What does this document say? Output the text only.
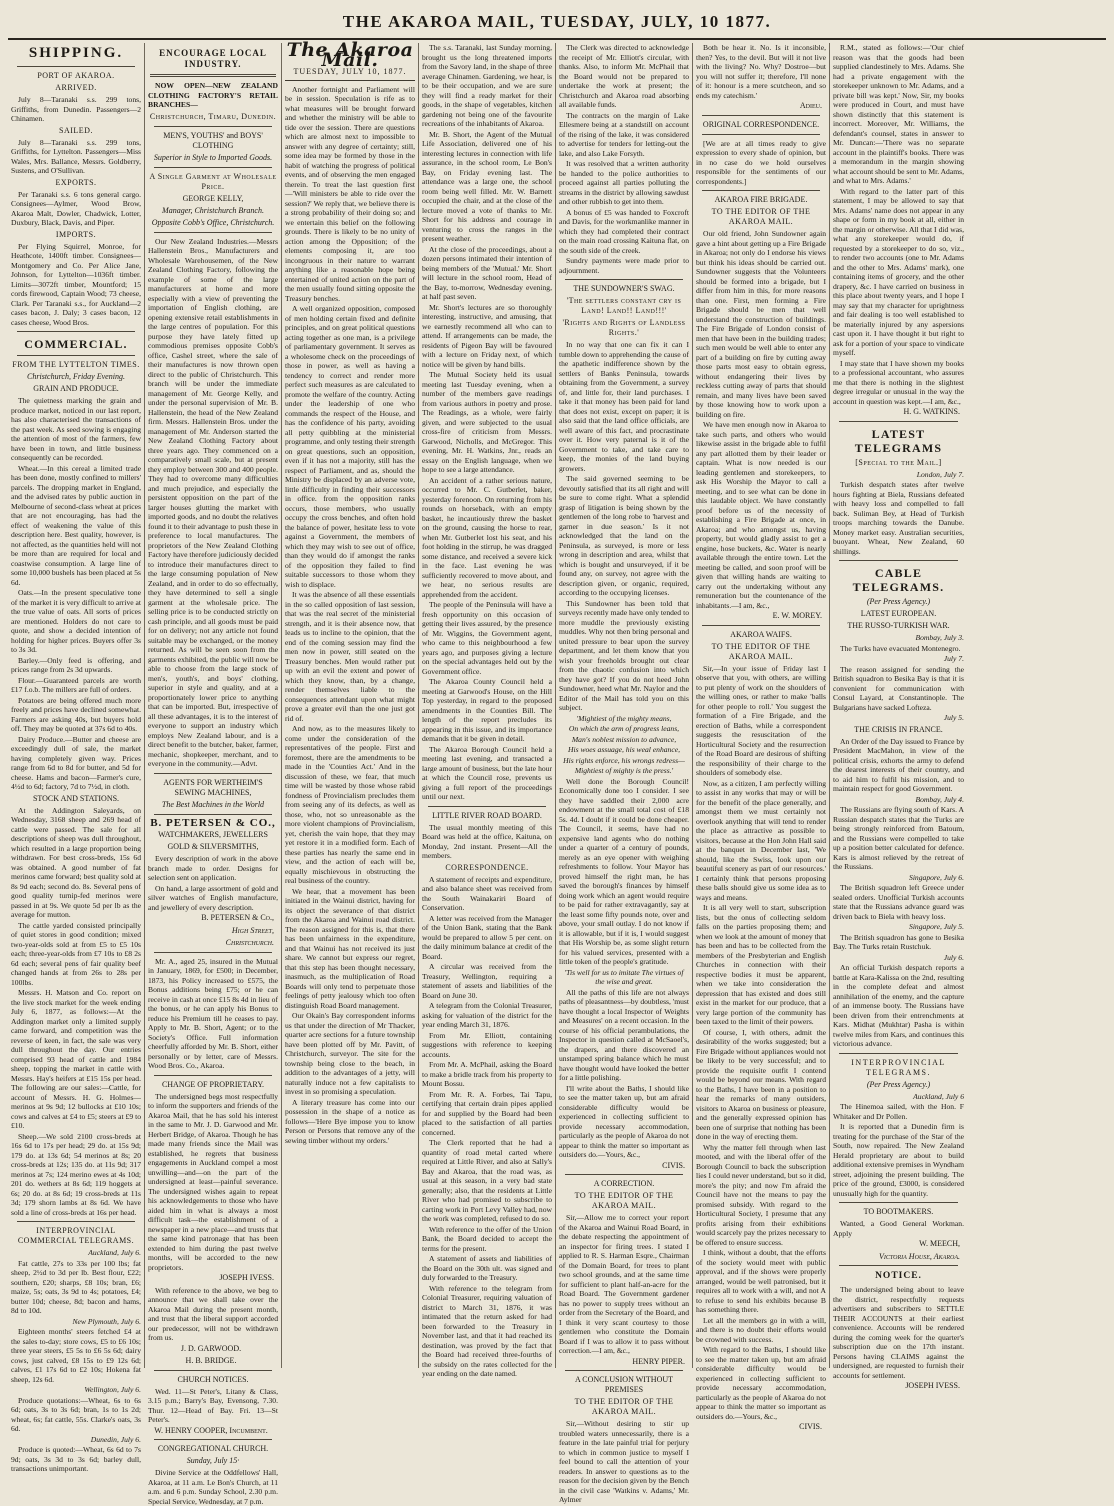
THE AKAROA MAIL, TUESDAY, JULY, 10 1877.
SHIPPING.
PORT OF AKAROA.
ARRIVED.

July 8—Taranaki s.s. 299 tons, Griffiths, from Dunedin. Passengers—2 Chinamen.

SAILED.

July 8—Taranaki s.s. 299 tons, Griffiths, for Lyttelton. Passengers—Miss Wales, Mrs. Ballance, Messrs. Goldberry, Sustens, and O'Sullivan.

EXPORTS.

Per Taranaki s.s. 6 tons general cargo. Consignees—Aylmer, Wood Brow, Akaroa Malt, Dowler, Chadwick, Lotter, Duxbury, Black, Davis, and Piper.

IMPORTS.

Per Flying Squirrel, Monroe, for Heathcote, 1400ft timber. Consignees—Montgomery and Co. Per Alice Jane, Johnson, for Lyttelton—1036ft timber. Limits—3072ft timber, Mountford; 15 cords firewood, Captain Wood; 73 cheese, Clark. Per Taranaki s.s., for Auckland—2 cases bacon, J. Daly; 3 cases bacon, 12 cases cheese, Wood Bros.

COMMERCIAL.
FROM THE LYTTELTON TIMES.
Christchurch, Friday Evening.
GRAIN AND PRODUCE.

The quietness marking the grain and produce market, noticed in our last report, has also characterised the transactions of the past week. As seed sowing is engaging the attention of most of the farmers, few have been in town, and little business consequently can be recorded.

Wheat.—In this cereal a limited trade has been done, mostly confined to millers' parcels. The dropping market in England, and the advised rates by public auction in Melbourne of second-class wheat at prices that are not encouraging, has had the effect of weakening the value of this description here. Best quality, however, is not affected, as the quantities held will not be more than are required for local and coastwise consumption. A large line of some 10,000 bushels has been placed at 5s 6d.

Oats.—In the present speculative tone of the market it is very difficult to arrive at the true value of oats. All sorts of prices are mentioned. Holders do not care to quote, and show a decided intention of holding for higher prices. Buyers offer 3s to 3s 3d.

Barley.—Only feed is offering, and prices range from 2s 3d upwards.

Flour.—Guaranteed parcels are worth £17 f.o.b. The millers are full of orders.

Potatoes are being offered much more freely and prices have declined somewhat. Farmers are asking 40s, but buyers hold off. They may be quoted at 37s 6d to 40s.

Dairy Produce.—Butter and cheese are exceedingly dull of sale, the market having completely given way. Prices range from 6d to 8d for butter, and 5d for cheese. Hams and bacon—Farmer's cure, 4½d to 6d; factory, 7d to 7½d, in cloth.

STOCK AND STATIONS.

At the Addington Saleyards, on Wednesday, 3168 sheep and 269 head of cattle were passed. The sale for all descriptions of sheep was dull throughout, which resulted in a large proportion being withdrawn. For best cross-breds, 15s 6d was obtained. A good number of fat merinos came forward; best quality sold at 8s 9d each; second do. 8s. Several pens of good quality turnip-fed merinos were passed in at 9s. We quote 5d per lb as the average for mutton.

The cattle yarded consisted principally of quiet stores in good condition; mixed two-year-olds sold at from £5 to £5 10s each; three-year-olds from £7 10s to £8 2s 6d each; several pens of fair quality beef changed hands at from 26s to 28s per 100lbs.

Messrs. H. Matson and Co. report on the live stock market for the week ending July 6, 1877, as follows:—At the Addington market only a limited supply came forward, and competition was the reverse of keen, in fact, the sale was very dull throughout the day. Our entries comprised 93 head of cattle and 1984 sheep, topping the market in cattle with Messrs. Hay's heifers at £15 15s per head. The following are our sales:—Cattle, for account of Messrs. H. G. Holmes—merinos at 9s 9d; 12 bullocks at £10 10s; cows and calves at £4 to £5; steers at £9 to £10.

Sheep.—We sold 2100 cross-breds at 16s 6d to 17s per head; 29 do. at 15s 9d; 179 do. at 13s 6d; 54 merinos at 8s; 20 cross-breds at 12s; 135 do. at 11s 9d; 317 merinos at 7s; 124 merino ewes at 4s 10d; 201 do. wethers at 8s 6d; 119 hoggets at 6s; 20 do. at 8s 6d; 19 cross-breds at 11s 3d; 179 shorn lambs at 8s 6d. We have sold a line of cross-breds at 16s per head.

INTERPROVINCIAL COMMERCIAL TELEGRAMS.

Auckland, July 6.

Fat cattle, 27s to 33s per 100 lbs; fat sheep, 2½d to 3d per lb. Best flour, £22; southern, £20; sharps, £8 10s; bran, £6; maize, 5s; oats, 3s 9d to 4s; potatoes, £4; butter 10d; cheese, 8d; bacon and hams, 8d to 10d.

New Plymouth, July 6.

Eighteen months' steers fetched £4 at the sales to-day; store cows, £5 to £6 10s; three year steers, £5 5s to £6 5s 6d; dairy cows, just calved, £8 15s to £9 12s 6d; calves, £1 17s 6d to £2 10s; Hokena fat sheep, 12s 6d.

Wellington, July 6.

Produce quotations:—Wheat, 6s to 6s 6d; oats, 3s to 3s 6d; bran, 1s to 1s 2d; wheat, 6s; fat cattle, 55s. Clarke's oats, 3s 6d.

Dunedin, July 6.

Produce is quoted:—Wheat, 6s 6d to 7s 9d; oats, 3s 3d to 3s 6d; barley dull, transactions unimportant.

ENCOURAGE LOCAL INDUSTRY.

NOW OPEN—NEW ZEALAND CLOTHING FACTORY'S RETAIL BRANCHES—

Christchurch, Timaru, Dunedin.
MEN'S, YOUTHS' and BOYS' CLOTHING
Superior in Style to Imported Goods.
A Single Garment at Wholesale Price.
GEORGE KELLY,
Manager, Christchurch Branch.
Opposite Cobb's Office, Christchurch.

Our New Zealand Industries.—Messrs Hallenstein Bros., Manufacturers and Wholesale Warehousemen, of the New Zealand Clothing Factory, following the example of some of the large manufacturers at home and more especially with a view of preventing the importation of English clothing, are opening extensive retail establishments in the large centres of population. For this purpose they have lately fitted up commodious premises opposite Cobb's office, Cashel street, where the sale of their manufactures is now thrown open direct to the public of Christchurch. This branch will be under the immediate management of Mr. George Kelly, and under the personal supervision of Mr. B. Hallenstein, the head of the New Zealand firm. Messrs. Hallenstein Bros. under the management of Mr. Anderson started the New Zealand Clothing Factory about three years ago. They commenced on a comparatively small scale, but at present they employ between 300 and 400 people. They had to overcome many difficulties and much prejudice, and especially the persistent opposition on the part of the larger houses glutting the market with imported goods, and no doubt the relatives found it to their advantage to push these in preference to local manufactures. The proprietors of the New Zealand Clothing Factory have therefore judiciously decided to introduce their manufactures direct to the large consuming population of New Zealand, and in order to do so effectually, they have determined to sell a single garment at the wholesale price. The selling price is to be conducted strictly on cash principle, and all goods must be paid for on delivery; not any article not found suitable may be exchanged, or the money returned. As will be seen soon from the garments exhibited, the public will now be able to choose from the large stock of men's, youth's, and boys' clothing, superior in style and quality, and at a proportionately lower price to anything that can be imported. But, irrespective of all these advantages, it is to the interest of everyone to support an industry which employs New Zealand labour, and is a direct benefit to the butcher, baker, farmer, mechanic, shopkeeper, merchant, and to everyone in the community.—Advt.

AGENTS FOR WERTHEIM'S SEWING MACHINES,
The Best Machines in the World
B. PETERSEN & CO.,
WATCHMAKERS, JEWELLERS
GOLD & SILVERSMITHS,

Every description of work in the above branch made to order. Designs for selection sent on application.

On hand, a large assortment of gold and silver watches of English manufacture, and jewellery of every description.

B. PETERSEN & Co.,
High Street,
Christchurch.

Mr. A., aged 25, insured in the Mutual in January, 1869, for £500; in December, 1873, his Policy increased to £575, the Bonus additions being £75; or he can receive in cash at once £15 8s 4d in lieu of the bonus, or he can apply his Bonus to reduce his Premium till he ceases to pay. Apply to Mr. B. Short, Agent; or to the Society's Office. Full information cheerfully afforded by Mr. B. Short, either personally or by letter, care of Messrs. Wood Bros. Co., Akaroa.

CHANGE OF PROPRIETARY.

The undersigned begs most respectfully to inform the supporters and friends of the Akaroa Mail, that he has sold his interest in the same to Mr. J. D. Garwood and Mr. Herbert Bridge, of Akaroa. Though he has made many friends since the Mail was established, he regrets that business engagements in Auckland compel a most unwilling—and—on the part of the undersigned at least—painful severance. The undersigned wishes again to repeat his acknowledgements to those who have aided him in what is always a most difficult task—the establishment of a newspaper in a new place—and trusts that the same kind patronage that has been extended to him during the past twelve months, will be accorded to the new proprietors.

JOSEPH IVESS.

With reference to the above, we beg to announce that we shall take over the Akaroa Mail during the present month, and trust that the liberal support accorded our predecessor, will not be withdrawn from us.

J. D. GARWOOD.
H. B. BRIDGE.
CHURCH NOTICES.

Wed. 11—St Peter's, Litany & Class, 3.15 p.m.; Barry's Bay, Evensong, 7.30. Thur. 12—Head of Bay. Fri. 13—St Peter's.

W. HENRY COOPER, Incumbent.
CONGREGATIONAL CHURCH.
Sunday, July 15·

Divine Service at the Oddfellows' Hall, Akaroa, at 11 a.m. Le Bon's Church, at 11 a.m. and 6 p.m. Sunday School, 2.30 p.m. Special Service, Wednesday, at 7 p.m.

The Akaroa Mail.
TUESDAY, JULY 10, 1877.

Another fortnight and Parliament will be in session. Speculation is rife as to what measures will be brought forward and whether the ministry will be able to tide over the session. There are questions which are almost next to impossible to answer with any degree of certainty; still, some idea may be formed by those in the habit of watching the progress of political events, and of observing the men engaged therein. To treat the last question first—'Will ministers be able to ride over the session?' We reply that, we believe there is a strong probability of their doing so; and we entertain this belief on the following grounds. There is likely to be no unity of action among the Opposition; of the elements composing it, are too incongruous in their nature to warrant anything like a reasonable hope being entertained of united action on the part of the men usually found sitting opposite the Treasury benches.

A well organized opposition, composed of men holding certain fixed and definite principles, and on great political questions acting together as one man, is a privilege of parliamentary government. It serves as a wholesome check on the proceedings of those in power, as well as having a tendency to correct and render more perfect such measures as are calculated to promote the welfare of the country. Acting under the leadership of one who commands the respect of the House, and has the confidence of his party, avoiding all petty quibbling at the ministerial programme, and only testing their strength on great questions, such an opposition, even if it has not a majority, still has the respect of Parliament, and as, should the Ministry be displaced by an adverse vote, little difficulty in finding their successors in office. from the opposition ranks occurs, those members, who usually occupy the cross benches, and often hold the balance of power, hesitate less to vote against a Government, the members of which they may wish to see out of office, than they would do if amongst the ranks of the opposition they failed to find suitable successors to those whom they wish to displace.

It was the absence of all these essentials in the so called opposition of last session, that was the real secret of the ministerial strength, and it is their absence now, that leads us to incline to the opinion, that the end of the coming session may find the men now in power, still seated on the Treasury benches. Men would rather put up with an evil the extent and power of which they know, than, by a change, render themselves liable to the consequences attendant upon what might prove a greater evil than the one just got rid of.

And now, as to the measures likely to come under the consideration of the representatives of the people. First and foremost, there are the amendments to be made in the 'Counties Act.' And in the discussion of these, we fear, that much time will be wasted by those whose rabid fondness of Provincialism precludes them from seeing any of its defects, as well as those, who, not so unreasonable as the more violent champions of Provincialism, yet, cherish the vain hope, that they may yet restore it in a modified form. Each of these parties has nearly the same end in view, and the action of each will be, equally mischievous in obstructing the real business of the country.

We hear, that a movement has been initiated in the Wainui district, having for its object the severance of that district from the Akaroa and Wainui road district. The reason assigned for this is, that there has been unfairness in the expenditure, and that Wainui has not received its just share. We cannot but express our regret, that this step has been thought necessary, inasmuch, as the multiplication of Road Boards will only tend to perpetuate those feelings of petty jealousy which too often distinguish Road Board management.

Our Okain's Bay correspondent informs us that under the direction of Mr Thacker, quarter acre sections for a future township have been plotted off by Mr. Pavitt, of Christchurch, surveyor. The site for the township being close to the beach, in addition to the advantages of a jetty, will naturally induce not a few capitalists to invest in so promising a speculation.

A literary treasure has come into our possession in the shape of a notice as follows—'Here Bye impose you to know Person or Persons that remove any of the sewing timber without my orders.'

The s.s. Taranaki, last Sunday morning, brought us the long threatened imports from the Savory land, in the shape of three average Chinamen. Gardening, we hear, is to be their occupation, and we are sure they will find a ready market for their goods, in the shape of vegetables, kitchen gardening not being one of the favourite recreations of the inhabitants of Akaroa.

Mr. B. Short, the Agent of the Mutual Life Association, delivered one of his interesting lectures in connection with life assurance, in the school room, Le Bon's Bay, on Friday evening last. The attendance was a large one, the school room being well filled. Mr. W. Barnett occupied the chair, and at the close of the lecture moved a vote of thanks to Mr. Short for his address and courage in venturing to cross the ranges in the present weather.

At the close of the proceedings, about a dozen persons intimated their intention of being members of the 'Mutual.' Mr. Short will lecture in the school room, Head of the Bay, to-morrow, Wednesday evening, at half past seven.

Mr. Short's lectures are so thoroughly interesting, instructive, and amusing, that we earnestly recommend all who can to attend. If arrangements can be made, the residents of Pigeon Bay will be favoured with a lecture on Friday next, of which notice will be given by hand bills.

The Mutual Society held its usual meeting last Tuesday evening, when a number of the members gave readings from various authors in poetry and prose. The Readings, as a whole, were fairly given, and were subjected to the usual cross-fire of criticism from Messrs. Garwood, Nicholls, and McGregor. This evening, Mr. H. Watkins, Jnr., reads an essay on the English language, when we hope to see a large attendance.

An accident of a rather serious nature, occurred to Mr. C. Gutberlet, baker, yesterday forenoon. On returning from his rounds on horseback, with an empty basket, he incautiously threw the basket on the ground, causing the horse to rear, when Mr. Gutberlet lost his seat, and his foot holding in the stirrup, he was dragged some distance, and received a severe kick in the face. Last evening he was sufficiently recovered to move about, and we hear, no serious results are apprehended from the accident.

The people of the Peninsula will have a fresh opportunity on this occasion of getting their lives assured, by the presence of Mr. Wiggins, the Government agent, who came to this neighbourhood a few years ago, and purposes giving a lecture on the special advantages held out by the Government office.

The Akaroa County Council held a meeting at Garwood's House, on the Hill Top yesterday, in regard to the proposed amendments in the Counties Bill. The length of the report precludes its appearing in this issue, and its importance demands that it be given in detail.

The Akaroa Borough Council held a meeting last evening, and transacted a large amount of business, but the late hour at which the Council rose, prevents us giving a full report of the proceedings until our next.

LITTLE RIVER ROAD BOARD.

The usual monthly meeting of this Board was held at the office, Kaituna, on Monday, 2nd instant. Present—All the members.

CORRESPONDENCE.

A statement of receipts and expenditure, and also balance sheet was received from the South Wainakariri Board of Conservation.

A letter was received from the Manager of the Union Bank, stating that the Bank would be prepared to allow 5 per cent. on the daily minimum balance at credit of the Board.

A circular was received from the Treasury, Wellington, requiring a statement of assets and liabilities of the Board on June 30.

A telegram from the Colonial Treasurer, asking for valuation of the district for the year ending March 31, 1876.

From Mr. Elliott, containing suggestions with reference to keeping accounts.

From Mr. A. McPhail, asking the Board to make a bridle track from his property to Mount Bossu.

From Mr. R. A. Forbes, Tai Tapu, certifying that certain drain pipes applied for and supplied by the Board had been placed to the satisfaction of all parties concerned.

The Clerk reported that he had a quantity of road metal carted where required at Little River, and also at Sally's Bay and Akaroa, that the road was, as usual at this season, in a very bad state generally; also, that the residents at Little River who had promised to subscribe to carting work in Port Levy Valley had, now the work was completed, refused to do so.

With reference to the offer of the Union Bank, the Board decided to accept the terms for the present.

A statement of assets and liabilities of the Board on the 30th ult. was signed and duly forwarded to the Treasury.

With reference to the telegram from Colonial Treasurer, requiring valuation of district to March 31, 1876, it was intimated that the return asked for had been forwarded to the Treasury in November last, and that it had reached its destination, was proved by the fact that the Board had received three-fourths of the subsidy on the rates collected for the year ending on the date named.

The Clerk was directed to acknowledge the receipt of Mr. Elliott's circular, with thanks. Also, to inform Mr. McPhail that the Board would not be prepared to undertake the work at present; the Christchurch and Akaroa road absorbing all available funds.

The contracts on the margin of Lake Ellesmere being at a standstill on account of the rising of the lake, it was considered to advertise for tenders for letting-out the lake, and also Lake Forsyth.

It was resolved that a written authority be handed to the police authorities to proceed against all parties polluting the streams in the district by allowing sawdust and other rubbish to get into them.

A bonus of £5 was handed to Foxcroft and Davis, for the workmanlike manner in which they had completed their contract on the main road crossing Kaituna flat, on the south side of the creek.

Sundry payments were made prior to adjournment.

THE SUNDOWNER'S SWAG.
'The settlers constant cry is Land! Land!! Land!!!'
'Rights and Rights of Landless Rights.'

In no way that one can fix it can I tumble down to apprehending the cause of the apathetic indifference shown by the settlers of Banks Peninsula, towards obtaining from the Government, a survey of, and little for, their land purchases. I take it that money has been paid for land that does not exist, except on paper; it is also said that the land office officials, are well aware of this fact, and procrastinate over it. How very paternal is it of the Government to take, and take care to keep, the monies of the land buying growers.

The said governed seeming to be devoutly satisfied that its all right and will be sure to come right. What a splendid grasp of litigation is being shown by the gentlemen of the long robe to 'harvest and garner in due season.' Is it not acknowledged that the land on the Peninsula, as surveyed, is more or less wrong in description and area, whilst that which is bought and unsurveyed, if it be found any, on survey, not agree with the description given, or organic, required, according to the occupying licenses.

This Sundowner has been told that surveys recently made have only tended to more muddle the previously existing muddles. Why not then bring personal and united pressure to bear upon the survey department, and let them know that you wish your freeholds brought out clear from the chaotic confusion into which they have got? If you do not heed John Sundowner, heed what Mr. Naylor and the Editor of the Mail has told you on this subject.

'Mightiest of the mighty means,

On which the arm of progress leans,

Man's noblest mission to advance,

His woes assuage, his weal enhance,

His rights enforce, his wrongs redress—

Mightiest of mighty is the press.'

Well done the Borough Council! Economically done too I consider. I see they have saddled their 2,000 acre endowment at the small total cost of £18 5s. 4d. I doubt if it could be done cheaper. The Council, it seems, have had no expensive land agents who do nothing under a quarter of a century of pounds, merely as an eye opener with weighing refreshments to follow. Your Mayor has proved himself the right man, he has saved the borough's finances by himself doing work which an agent would require to be paid for rather extravagantly, say at the least some fifty pounds note, over and above, your small outlay. I do not know if it is allowable, but if it is, I would suggest that His Worship be, as some slight return for his valued services, presented with a little token of the people's gratitude.

'Tis well for us to imitate The virtues of the wise and great.

All the paths of this life are not always paths of pleasantness—by doubtless, 'must have thought a local Inspector of Weights and Measures' on a recent occasion. In the course of his official perambulations, the Inspector in question called at McSaoel's, the drapers, and there discovered an unstamped spring balance which he must have thought would have looked the better for a little polishing.

I'll write about the Baths, I should like to see the matter taken up, but am afraid considerable difficulty would be experienced in collecting sufficient to provide necessary accommodation, particularly as the people of Akaroa do not appear to think the matter so important as outsiders do.—Yours, &c.,

CIVIS.
A CORRECTION.
TO THE EDITOR OF THE AKAROA MAIL.

Sir,—Allow me to correct your report of the Akaroa and Wainui Road Board, in the debate respecting the appointment of an inspector for firing trees. I stated I applied to R. S. Harman Esqre., Chairman of the Domain Board, for trees to plant two school grounds, and at the same time for sufficient to plant half-an-acre for the Road Board. The Government gardener has no power to supply trees without an order from the Secretary of the Board, and I think it very scant courtesy to those gentlemen who constitute the Domain Board if I was to allow it to pass without correction.—I am, &c.,

HENRY PIPER.
A CONCLUSION WITHOUT PREMISES
TO THE EDITOR OF THE AKAROA MAIL.

Sir,—Without desiring to stir up troubled waters unnecessarily, there is a feature in the late painful trial for perjury to which in common justice to myself I feel bound to call the attention of your readers. In answer to questions as to the reason for the decision given by the Bench in the civil case 'Watkins v. Adams,' Mr. Aylmer

Both be hear it. No. Is it inconsible, then? Yes, to the devil. But will it not live with the living? No. Why? Dostroe—but you will not suffer it; therefore, I'll none of it: honour is a mere scutcheon, and so ends my catechism.'

Adieu.
ORIGINAL CORRESPONDENCE.

[We are at all times ready to give expression to every shade of opinion, but in no case do we hold ourselves responsible for the sentiments of our correspondents.]

AKAROA FIRE BRIGADE.
TO THE EDITOR OF THE AKAROA MAIL.

Our old friend, John Sundowner again gave a hint about getting up a Fire Brigade in Akaroa; not only do I endorse his views but think his ideas should be carried out. Sundowner suggests that the Volunteers should be formed into a brigade, but I differ from him in this, for more reasons than one. First, men forming a Fire Brigade should be men that well understand the construction of buildings. The Fire Brigade of London consist of men that have been in the building trades; such men would be well able to enter any part of a building on fire by cutting away those parts most easy to obtain egress, without endangering their lives by reckless cutting away of parts that should remain, and many lives have been saved by those knowing how to work upon a building on fire.

We have men enough now in Akaroa to take such parts, and others who would likewise assist in the brigade able to fulfil any part allotted them by their leader or captain. What is now needed is our leading gentlemen and storekeepers, to ask His Worship the Mayor to call a meeting, and to see what can be done in this laudable object. We have constantly proof before us of the necessity of establishing a Fire Brigade at once, in Akaroa; and who amongst us, having property, but would gladly assist to get a engine, hose buckets, &c. Water is nearly available through the entire town. Let the meeting be called, and soon proof will be given that willing hands are waiting to carry out the undertaking without any remuneration but the countenance of the inhabitants.—I am, &c.,

E. W. MOREY.
AKAROA WAIFS.
TO THE EDITOR OF THE AKAROA MAIL.

Sir,—In your issue of Friday last I observe that you, with others, are willing to put plenty of work on the shoulders of the willing ones, or rather to make 'balls for other people to roll.' You suggest the formation of a Fire Brigade, and the erection of Baths, while a correspondent suggests the resuscitation of the Horticultural Society and the resurrection of the Road Board are desirous of shifting the responsibility of their charge to the shoulders of somebody else.

Now, as a citizen, I am perfectly willing to assist in any works that may or will be for the benefit of the place generally, and amongst them we must certainly not overlook anything that will tend to render the place as attractive as possible to visitors, because at the Hon John Hall said at the banquet in December last, 'We should, like the Swiss, look upon our beautiful scenery as part of our resources.' I certainly think that persons proposing these balls should give us some idea as to ways and means.

It is all very well to start, subscription lists, but the onus of collecting seldom falls on the parties proposing them; and when we look at the amount of money that has been and has to be collected from the members of the Presbyterian and English Churches in connection with their respective bodies it must be apparent, when we take into consideration the depression that has existed and does still exist in the market for our produce, that a very large portion of the community has been taxed to the limit of their powers.

Of course, I, with others, admit the desirability of the works suggested; but a Fire Brigade without appliances would not be likely to be very successful; and to provide the requisite outfit I contend would be beyond our means. With regard to the Baths, I have been in a position to hear the remarks of many outsiders, visitors to Akaroa on business or pleasure, and the generally expressed opinion has been one of surprise that nothing has been done in the way of erecting them.

Why the matter fell through when last mooted, and with the liberal offer of the Borough Council to back the subscription lies I could never understand, but so it did, more's the pity; and now I'm afraid the Council have not the means to pay the promised subsidy. With regard to the Horticultural Society, I presume that any profits arising from their exhibitions would scarcely pay the prizes necessary to be offered to ensure success.

I think, without a doubt, that the efforts of the society would meet with public approval, and if the shows were properly arranged, would be well patronised, but it requires all to work with a will, and not A to refuse to send his exhibits because B has something there.

Let all the members go in with a will, and there is no doubt their efforts would be crowned with success.

With regard to the Baths, I should like to see the matter taken up, but am afraid considerable difficulty would be experienced in collecting sufficient to provide necessary accommodation, particularly as the people of Akaroa do not appear to think the matter so important as outsiders do.—Yours, &c.,

CIVIS.

R.M., stated as follows:—'Our chief reason was that the goods had been supplied clandestinely to Mrs. Adams. She had a private engagement with the storekeeper unknown to Mr. Adams, and a private bill was kept.' Now, Sir, my books were produced in Court, and must have shown distinctly that this statement is incorrect. Moreover, Mr. Williams, the defendant's counsel, states in answer to Mr. Duncan:—'There was no separate account in the plaintiff's books. There was a memorandum in the margin showing what account should be sent to Mr. Adams, and what to Mrs. Adams.'

With regard to the latter part of this statement, I may be allowed to say that Mrs. Adams' name does not appear in any shape or form in my book at all, either in the margin or otherwise. All that I did was, what any storekeeper would do, if requested by a storekeeper to do so, viz., to render two accounts (one to Mr. Adams and the other to Mrs. Adams' mark), one containing items of grocery, and the other drapery, &c. I have carried on business in this place about twenty years, and I hope I may say that my character for uprightness and fair dealing is too well established to be materially injured by any aspersions cast upon it. I have thought it but right to ask for a portion of your space to vindicate myself.

I may state that I have shown my books to a professional accountant, who assures me that there is nothing in the slightest degree irregular or unusual in the way the account in question was kept.—I am, &c.,

H. G. WATKINS.
LATEST TELEGRAMS
[Special to the Mail.]

London, July 7.

Turkish despatch states after twelve hours fighting at Biela, Russians defeated with heavy loss and compelled to fall back. Suliman Bey, at Head of Turkish troops marching towards the Danube. Money market easy. Australian securities, buoyant. Wheat, New Zealand, 60 shillings.

CABLE TELEGRAMS.
(Per Press Agency.)
LATEST EUROPEAN.
THE RUSSO-TURKISH WAR.

Bombay, July 3.

The Turks have evacuated Montenegro.

July 7.

The reason assigned for sending the British squadron to Besika Bay is that it is convenient for communication with Consul Layard, at Constantinople. The Bulgarians have sacked Lofteza.

July 5.

THE CRISIS IN FRANCE.

An Order of the Day issued to France by President MacMahon, in view of the political crisis, exhorts the army to defend the dearest interests of their country, and to aid him to fulfil his mission, and to maintain respect for good Government.

Bombay, July 4.

The Russians are flying south of Kars. A Russian despatch states that the Turks are being strongly reinforced from Batoum, and the Russians were compelled to take up a position better calculated for defence. Kars is almost relieved by the retreat of the Russians.

Singapore, July 6.

The British squadron left Greece under sealed orders. Unofficial Turkish accounts state that the Russians advance guard was driven back to Biela with heavy loss.

Singapore, July 5.

The British squadron has gone to Besika Bay. The Turks retain Rustchuk.

July 6.

An official Turkish despatch reports a battle at Kara-Kalissa on the 2nd, resulting in the complete defeat and almost annihilation of the enemy, and the capture of an immense booty. The Russians have been driven from their entrenchments at Kars. Midhat (Mukhtar) Pasha is within twelve miles from Kars, and continues this victorious advance.

INTERPROVINCIAL TELEGRAMS.
(Per Press Agency.)

Auckland, July 6

The Hinemoa sailed, with the Hon. F Whitaker and Dr Pollen.

It is reported that a Dunedin firm is treating for the purchase of the Star of the South, now repaired. The New Zealand Herald proprietary are about to build additional extensive premises in Wyndham street, adjoining the present building. The price of the ground, £3000, is considered unusually high for the quantity.

TO BOOTMAKERS.

Wanted, a Good General Workman. Apply

W. MEECH,
Victoria House, Akaroa.
NOTICE.

The undersigned being about to leave the district, respectfully requests advertisers and subscribers to SETTLE THEIR ACCOUNTS at their earliest convenience. Accounts will be rendered during the coming week for the quarter's subscription due on the 17th instant. Persons having CLAIMS against the undersigned, are requested to furnish their accounts for settlement.

JOSEPH IVESS.
